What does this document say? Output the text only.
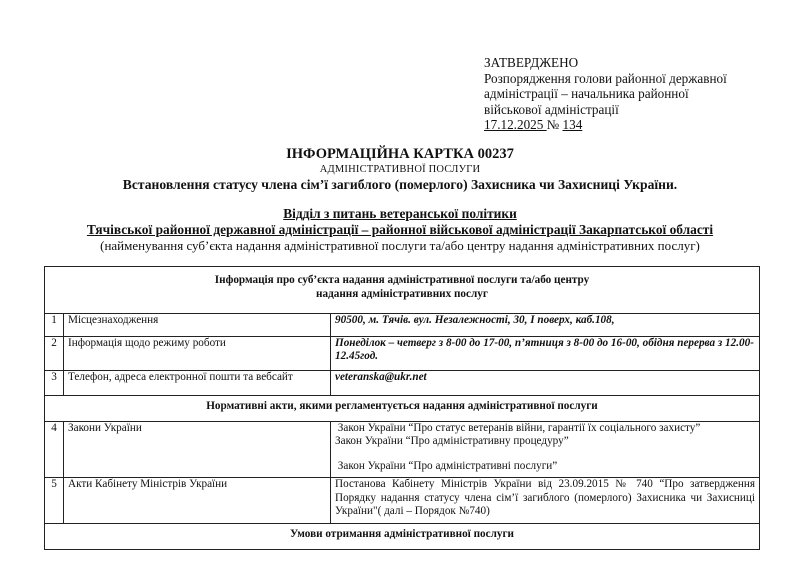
ЗАТВЕРДЖЕНО
Розпорядження голови районної державної
адміністрації – начальника районної
військової адміністрації
17.12.2025 № 134
ІНФОРМАЦІЙНА КАРТКА 00237
АДМІНІСТРАТИВНОЇ ПОСЛУГИ
Встановлення статусу члена сім’ї загиблого (померлого) Захисника чи Захисниці України.
Відділ з питань ветеранської політики
Тячівської районної державної адміністрації – районної військової адміністрації Закарпатської області
(найменування суб’єкта надання адміністративної послуги та/або центру надання адміністративних послуг)
Інформація про суб’єкта надання адміністративної послуги та/або центру
надання адміністративних послуг		

1	Місцезнаходження	90500, м. Тячів. вул. Незалежності, 30, І поверх, каб.108,
2	Інформація щодо режиму роботи	Понеділок – четверг з 8-00 до 17-00, п’ятниця з 8-00 до 16-00, обідня перерва з 12.00-12.45год.
3	Телефон, адреса електронної пошти та вебсайт	veteranska@ukr.net
Нормативні акти, якими регламентується надання адміністративної послуги		
4	Закони України	Закон України “Про статус ветеранів війни, гарантії їх соціального захисту”
Закон України “Про адміністративну процедуру”
Закон України “Про адміністративні послуги”

5	Акти Кабінету Міністрів України	Постанова Кабінету Міністрів України від 23.09.2015 № 740 “Про затвердження Порядку надання статусу члена сім’ї загиблого (померлого) Захисника чи Захисниці України"( далі – Порядок №740)
Умови отримання адміністративної послуги		
